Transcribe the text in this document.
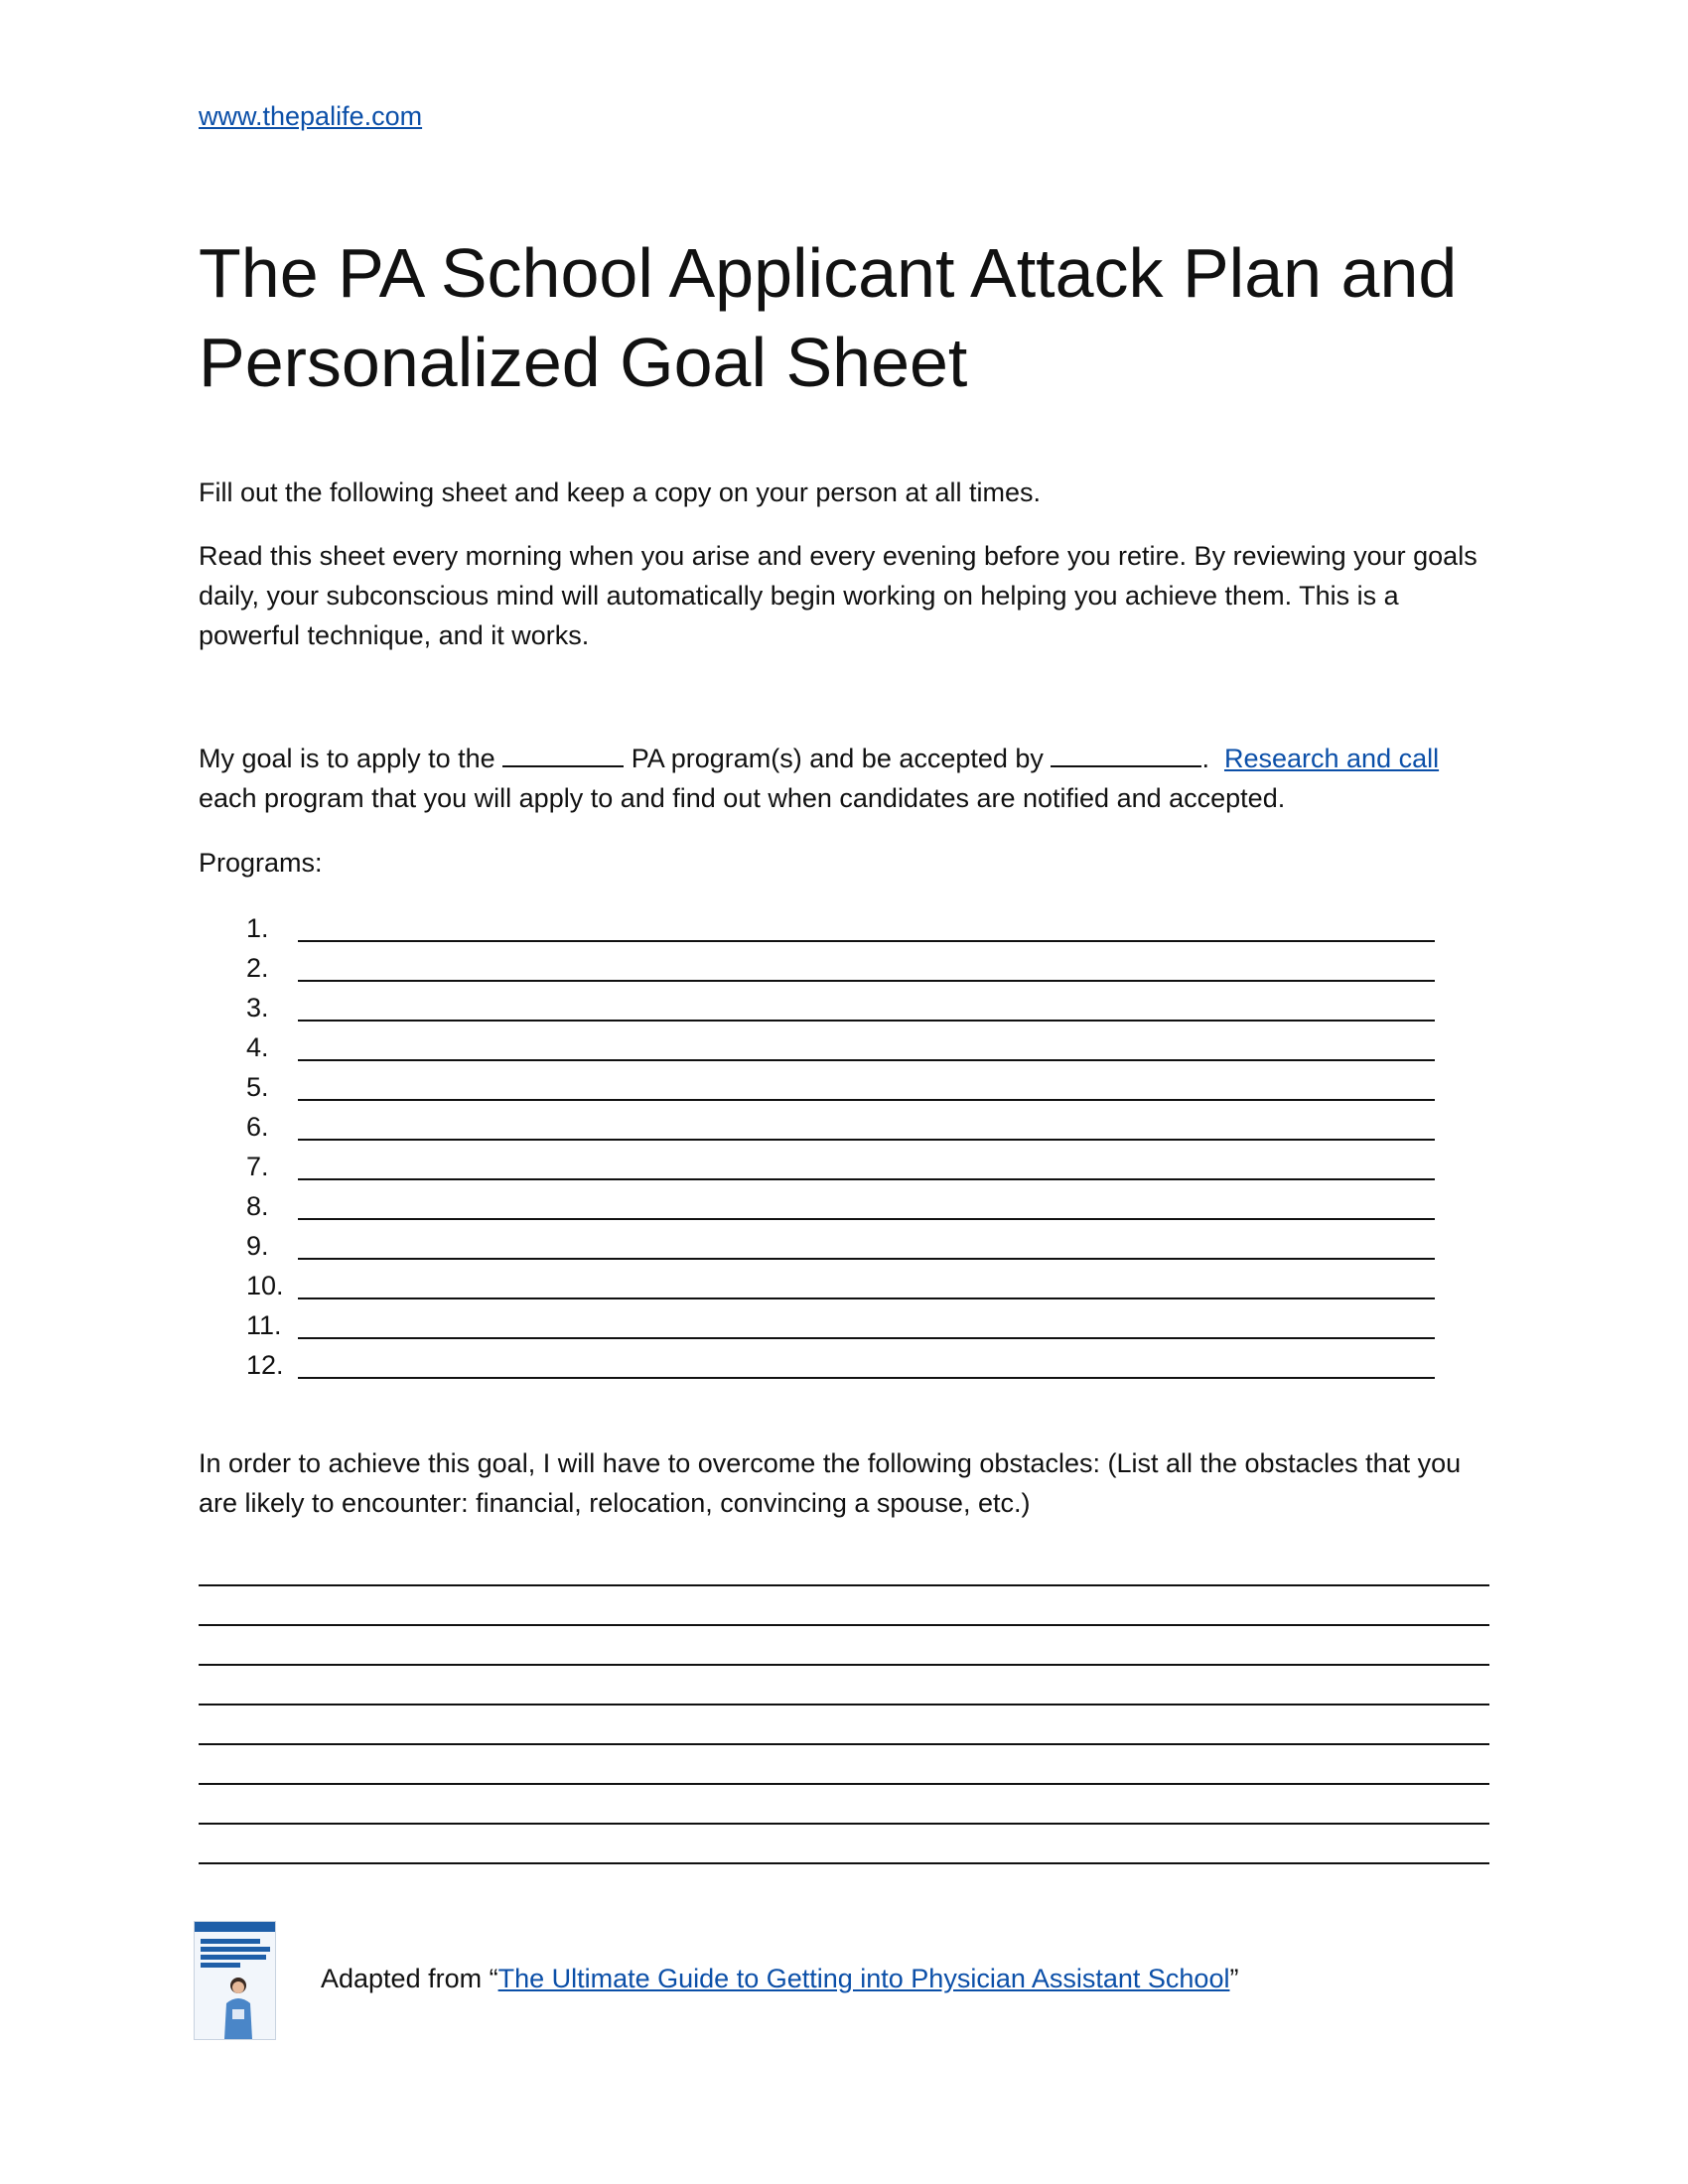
www.thepalife.com
The PA School Applicant Attack Plan and
Personalized Goal Sheet

Fill out the following sheet and keep a copy on your person at all times.

Read this sheet every morning when you arise and every evening before you retire. By reviewing your goals daily, your subconscious mind will automatically begin working on helping you achieve them. This is a powerful technique, and it works.

My goal is to apply to the	PA program(s) and be accepted by	. Research and call each program that you will apply to and find out when candidates are notified and accepted.

Programs:

1.
2.
3.
4.
5.
6.
7.
8.
9.
10.
11.
12.

In order to achieve this goal, I will have to overcome the following obstacles: (List all the obstacles that you are likely to encounter: financial, relocation, convincing a spouse, etc.)

Adapted from “The Ultimate Guide to Getting into Physician Assistant School”
